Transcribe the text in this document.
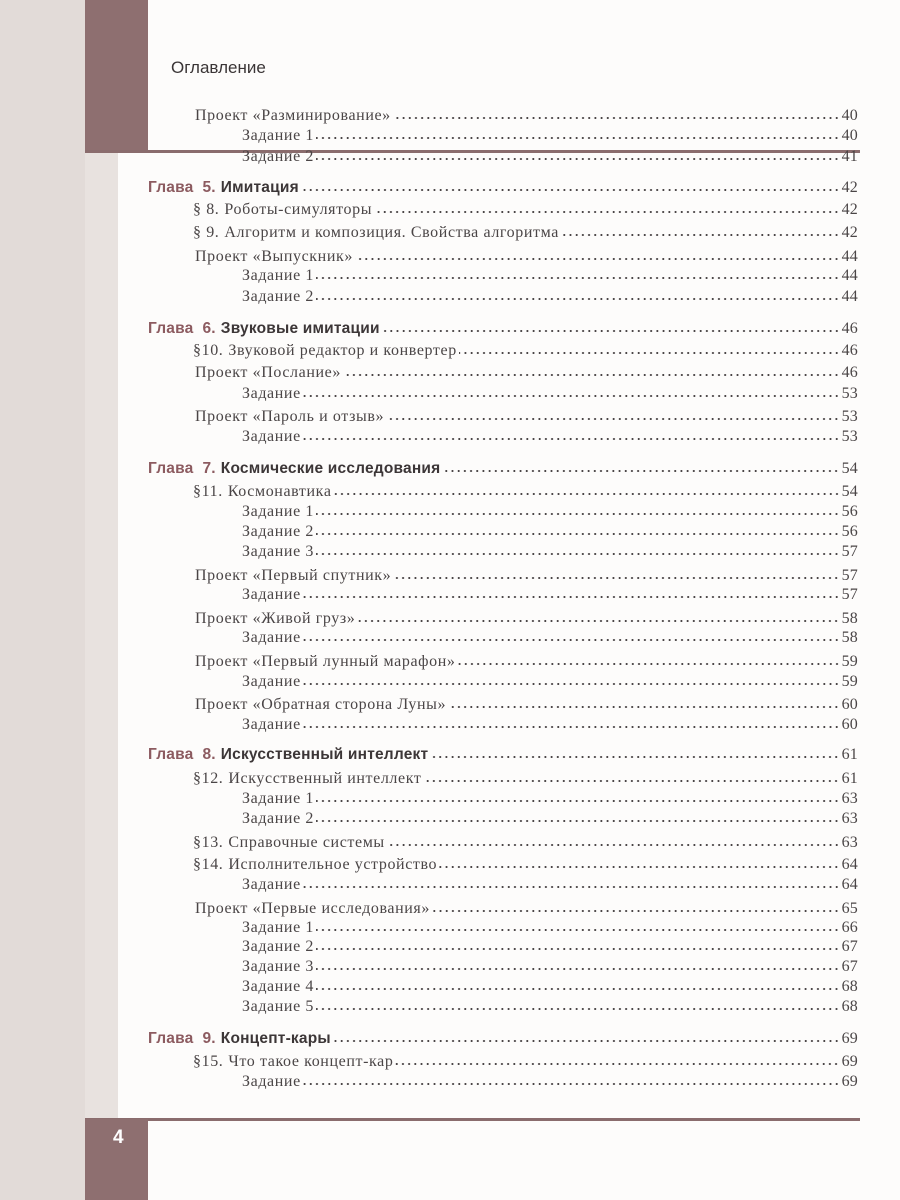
Оглавление
Проект «Разминирование»	40
Задание 1	40
Задание 2	41
Глава  5. Имитация	42
§ 8. Роботы-симуляторы	42
§ 9. Алгоритм и композиция. Свойства алгоритма	42
Проект «Выпускник»	44
Задание 1	44
Задание 2	44
Глава  6. Звуковые имитации	46
§10. Звуковой редактор и конвертер	46
Проект «Послание»	46
Задание	53
Проект «Пароль и отзыв»	53
Задание	53
Глава  7. Космические исследования	54
§11. Космонавтика	54
Задание 1	56
Задание 2	56
Задание 3	57
Проект «Первый спутник»	57
Задание	57
Проект «Живой груз»	58
Задание	58
Проект «Первый лунный марафон»	59
Задание	59
Проект «Обратная сторона Луны»	60
Задание	60
Глава  8. Искусственный интеллект	61
§12. Искусственный интеллект	61
Задание 1	63
Задание 2	63
§13. Справочные системы	63
§14. Исполнительное устройство	64
Задание	64
Проект «Первые исследования»	65
Задание 1	66
Задание 2	67
Задание 3	67
Задание 4	68
Задание 5	68
Глава  9. Концепт-кары	69
§15. Что такое концепт-кар	69
Задание	69
4
